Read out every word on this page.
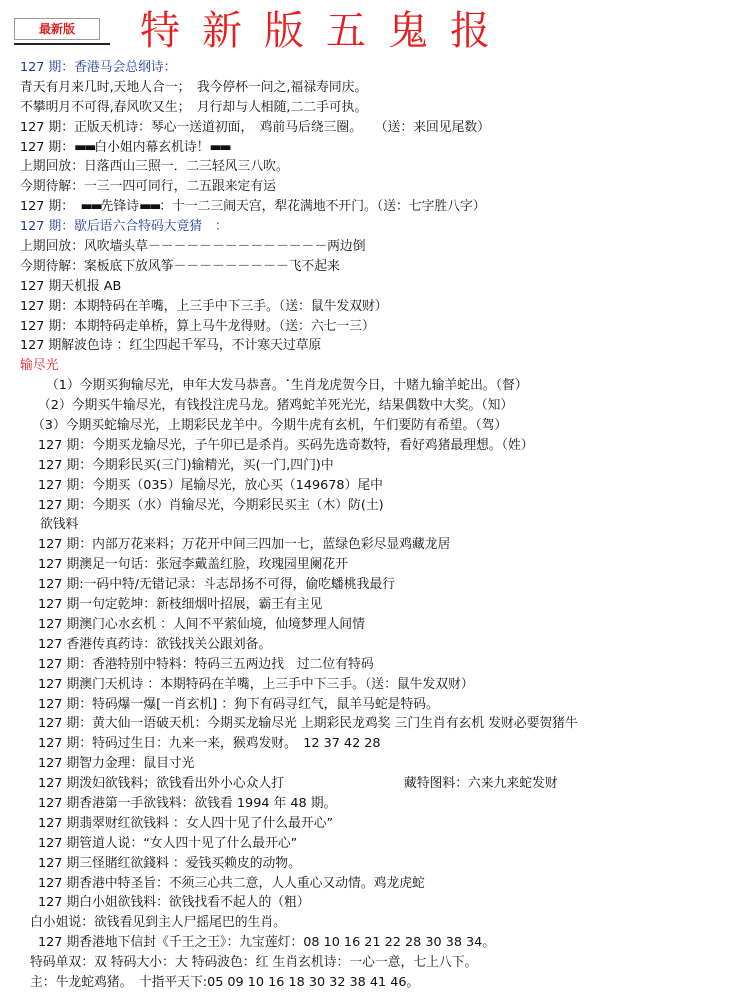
最新版	特新版五鬼报
127 期：香港马会总纲诗：
青天有月来几时,天地人合一；　我今停杯一问之,福禄寿同庆。
不攀明月不可得,春风吹又生；　月行却与人相随,二二手可执。
127 期：正版天机诗：琴心一送道初面，　鸡前马后绕三圈。　　（送：来回见尾数）
127 期：▬▬白小姐内幕玄机诗！▬▬
上期回放：日落西山三照一．二三轻风三八吹。
今期待解：一三一四可同行，二五跟来定有运
127 期：　▬▬先锋诗▬▬：十一二三闹天宫，犁花满地不开门。（送：七字胜八字）
127 期：歇后语六合特码大竟猜　：
上期回放：风吹墙头草－－－－－－－－－－－－－－两边倒
今期待解：案板底下放风筝－－－－－－－－－飞不起来
127 期天机报 AB
127 期：本期特码在羊嘴，上三手中下三手。（送：鼠牛发双财）
127 期：本期特码走单桥，算上马牛龙得财。（送：六七一三）
127 期解波色诗 ：红尘四起千军马，不计寒天过草原
输尽光
（1）今期买狗输尽光，申年大发马恭喜。˙生肖龙虎贺今日，十赌九输羊蛇出。（督）
（2）今期买牛输尽光，有钱投注虎马龙。猪鸡蛇羊死光光，结果偶数中大奖。（知）
（3）今期买蛇输尽光，上期彩民龙羊中。今期牛虎有玄机，午们要防有希望。（驾）
127 期：今期买龙输尽光，子午卯已是杀肖。买码先选奇数特，看好鸡猪最理想。（姓）
127 期：今期彩民买(三门)输精光，买(一门,四门)中
127 期：今期买（035）尾输尽光，放心买（149678）尾中
127 期：今期买（水）肖输尽光，今期彩民买主（木）防(土)
欲钱料
127 期：内部万花来料；万花开中间三四加一七，蓝绿色彩尽显鸡藏龙居
127 期澳足一句话：张冠李戴盖红脸，玫瑰园里阑花开
127 期:一码中特/无错记录：斗志昂扬不可得，偷吃蟠桃我最行
127 期一句定乾坤：新枝细烟叶招展，霸王有主见
127 期澳门心水玄机 ：人间不平萦仙境，仙境梦理人间情
127 香港传真药诗：欲钱找关公跟刘备。
127 期：香港特别中特料：特码三五两边找　过二位有特码
127 期澳门天机诗 ：本期特码在羊嘴，上三手中下三手。（送：鼠牛发双财）
127 期：特码爆一爆[一肖玄机] ：狗下有码寻红气，鼠羊马蛇是特码。
127 期：黄大仙一语破天机：今期买龙输尽光 上期彩民龙鸡奖 三门生肖有玄机 发财必要贺猪牛
127 期：特码过生日：九来一来，猴鸡发财。　12 37 42 28
127 期智力金理：鼠目寸光
127 期泼妇欲钱料；欲钱看出外小心众人打	藏特图料：六来九来蛇发财
127 期香港第一手欲钱料：欲钱看 1994 年 48 期。
127 期翡翠财红欲钱料 ：女人四十见了什么最开心”
127 期管道人说：“女人四十见了什么最开心”
127 期三怪賭红欲錢料 ：爱钱买赖皮的动物。
127 期香港中特圣旨：不须三心共二意，人人重心又动情。鸡龙虎蛇
127 期白小姐欲钱料：欲钱找看不起人的（粗）
白小姐说：欲钱看见到主人尸摇尾巴的生肖。
127 期香港地下信封《千王之王》：九宝莲灯：08 10 16 21 22 28 30 38 34。
特码单双：双 特码大小：大 特码波色：红 生肖玄机诗：一心一意，七上八下。
主：牛龙蛇鸡猪。　十指平天下:05 09 10 16 18 30 32 38 41 46。
